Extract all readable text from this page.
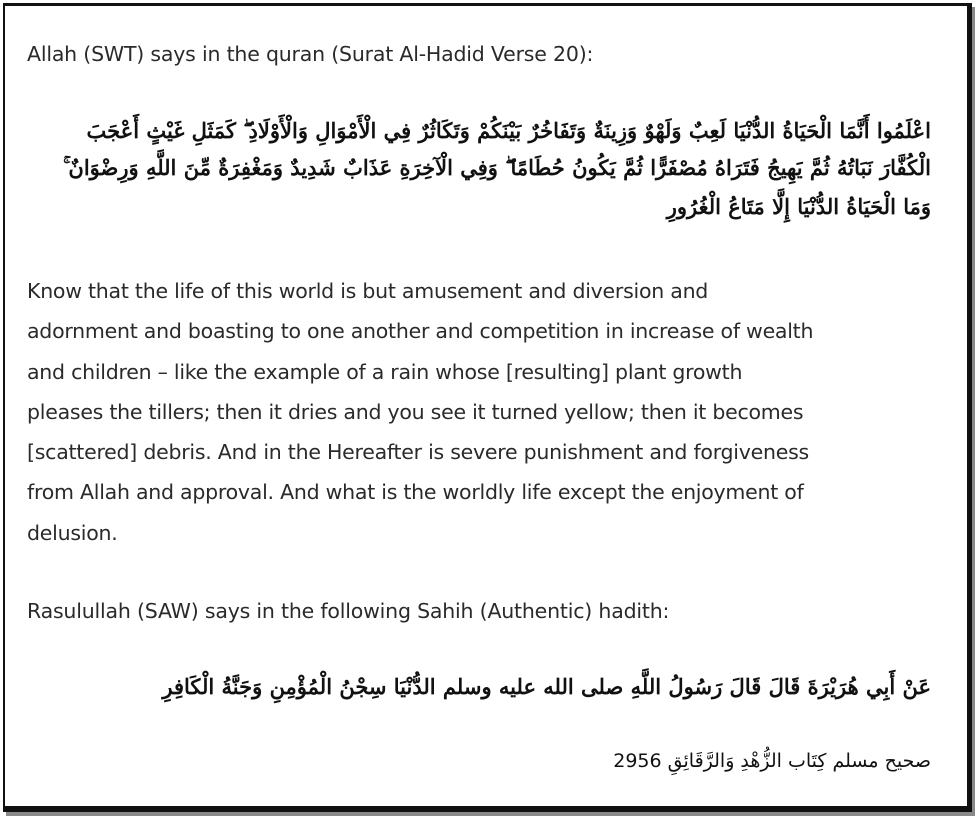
Allah (SWT) says in the quran (Surat Al-Hadid Verse 20):

اعْلَمُوا أَنَّمَا الْحَيَاةُ الدُّنْيَا لَعِبٌ وَلَهْوٌ وَزِينَةٌ وَتَفَاخُرٌ بَيْنَكُمْ وَتَكَاثُرٌ فِي الْأَمْوَالِ وَالْأَوْلَادِ ۖ كَمَثَلِ غَيْثٍ أَعْجَبَ

الْكُفَّارَ نَبَاتُهُ ثُمَّ يَهِيجُ فَتَرَاهُ مُصْفَرًّا ثُمَّ يَكُونُ حُطَامًا ۖ وَفِي الْآخِرَةِ عَذَابٌ شَدِيدٌ وَمَغْفِرَةٌ مِّنَ اللَّهِ وَرِضْوَانٌ ۚ

وَمَا الْحَيَاةُ الدُّنْيَا إِلَّا مَتَاعُ الْغُرُورِ

Know that the life of this world is but amusement and diversion and
adornment and boasting to one another and competition in increase of wealth
and children – like the example of a rain whose [resulting] plant growth
pleases the tillers; then it dries and you see it turned yellow; then it becomes
[scattered] debris. And in the Hereafter is severe punishment and forgiveness
from Allah and approval. And what is the worldly life except the enjoyment of
delusion.

Rasulullah (SAW) says in the following Sahih (Authentic) hadith:

عَنْ أَبِي هُرَيْرَةَ قَالَ قَالَ رَسُولُ اللَّهِ صلى الله عليه وسلم الدُّنْيَا سِجْنُ الْمُؤْمِنِ وَجَنَّةُ الْكَافِرِ

صحيح مسلم كِتَاب الزُّهْدِ وَالرَّقَائِقِ 2956
